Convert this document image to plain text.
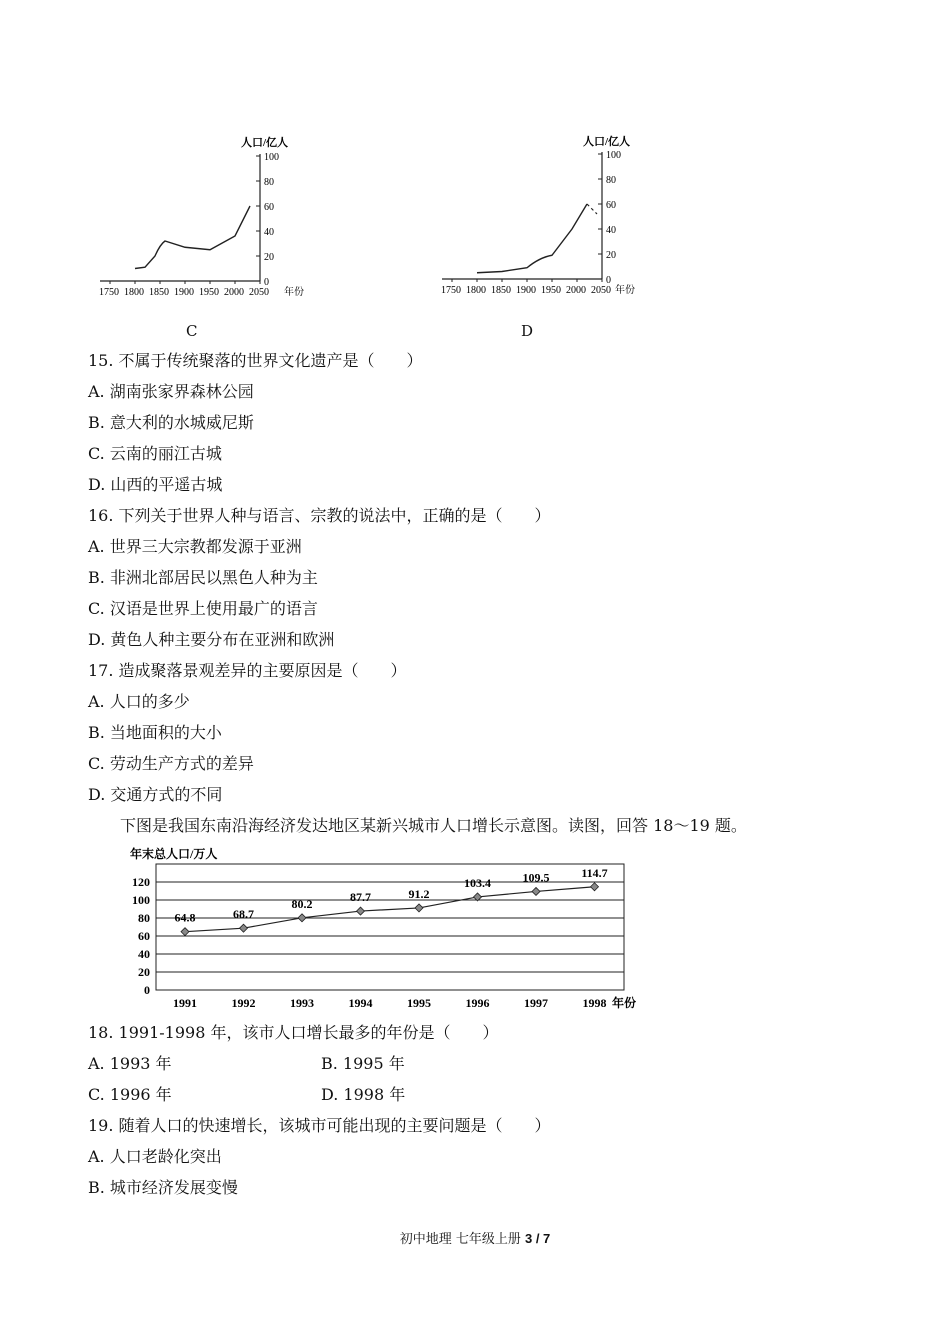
人口/亿人
0
20
40
60
80
100
1750 1800 1850 1900 1950 2000 2050 年份
C
人口/亿人
0
20
40
60
80
100
1750 1800 1850 1900 1950 2000 2050 年份
D
15. 不属于传统聚落的世界文化遗产是（　　）
A. 湖南张家界森林公园
B. 意大利的水城威尼斯
C. 云南的丽江古城
D. 山西的平遥古城
16. 下列关于世界人种与语言、宗教的说法中，正确的是（　　）
A. 世界三大宗教都发源于亚洲
B. 非洲北部居民以黑色人种为主
C. 汉语是世界上使用最广的语言
D. 黄色人种主要分布在亚洲和欧洲
17. 造成聚落景观差异的主要原因是（　　）
A. 人口的多少
B. 当地面积的大小
C. 劳动生产方式的差异
D. 交通方式的不同
下图是我国东南沿海经济发达地区某新兴城市人口增长示意图。读图，回答 18～19 题。
年末总人口/万人
0
20
40
60
80
100
120
1991	1992	1993	1994	1995	1996	1997	1998
64.8	68.7
80.2	87.7	91.2
103.4	109.5	114.7
年份
18. 1991-1998 年，该市人口增长最多的年份是（　　）
A. 1993 年	B. 1995 年
C. 1996 年	D. 1998 年
19. 随着人口的快速增长，该城市可能出现的主要问题是（　　）
A. 人口老龄化突出
B. 城市经济发展变慢
初中地理 七年级上册 3 / 7
